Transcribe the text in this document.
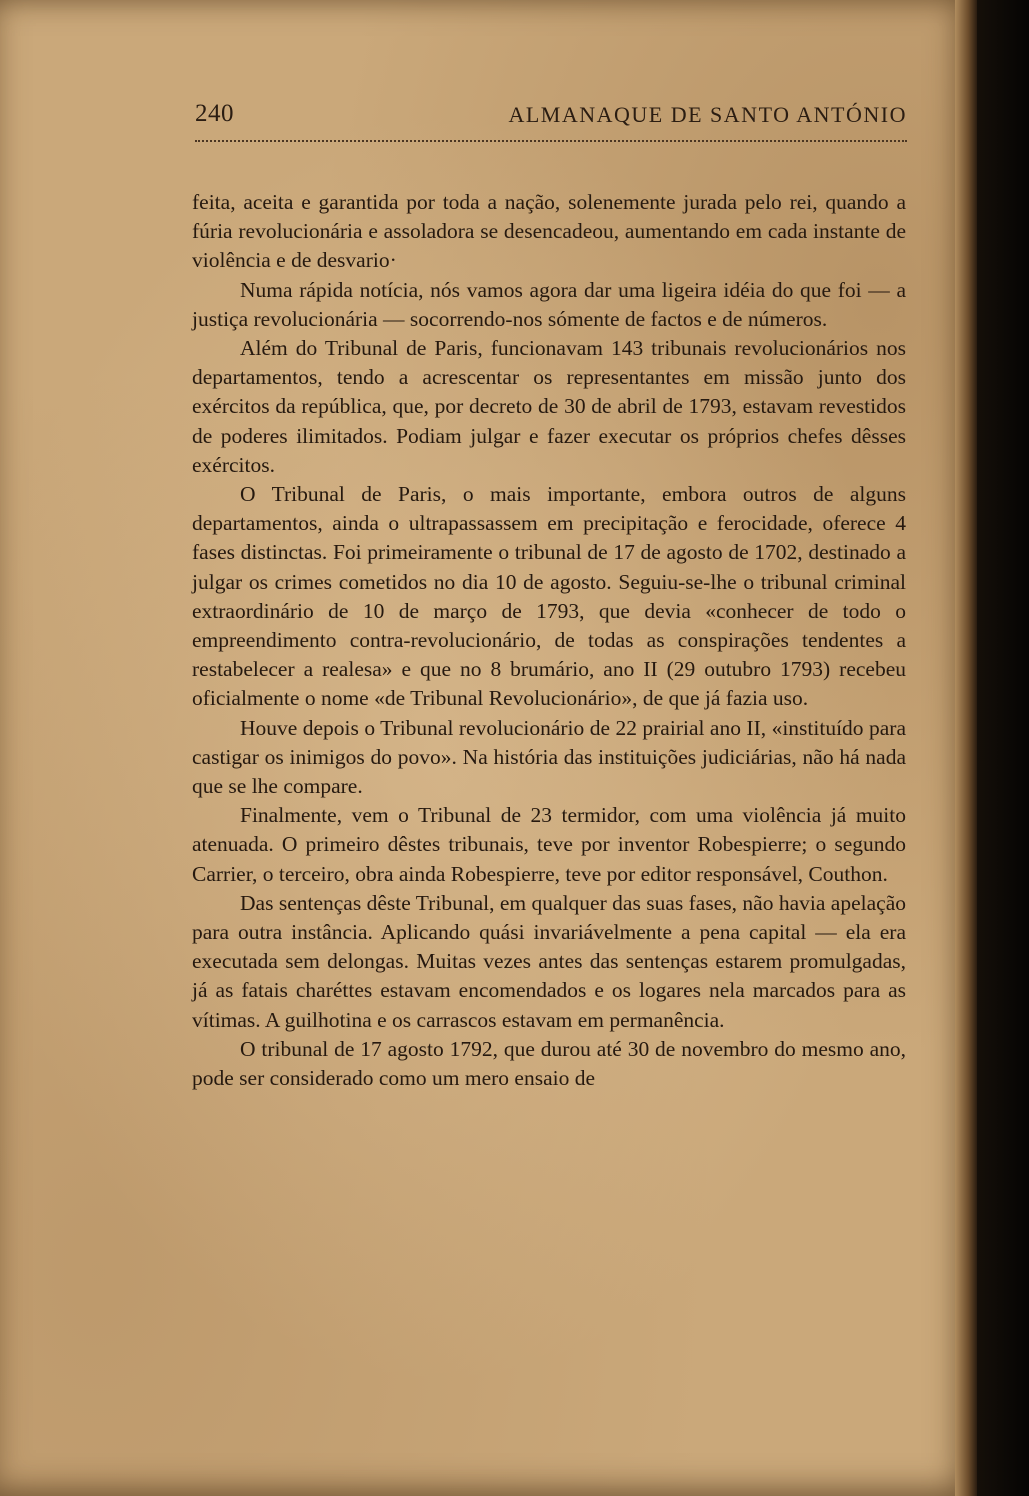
240	ALMANAQUE DE SANTO ANTÓNIO

feita, aceita e garantida por toda a nação, solenemente jurada pelo rei, quando a fúria revolucionária e assoladora se desencadeou, aumentando em cada instante de violência e de desvario·

Numa rápida notícia, nós vamos agora dar uma ligeira idéia do que foi — a justiça revolucionária — socorrendo-nos sómente de factos e de números.

Além do Tribunal de Paris, funcionavam 143 tribunais revolucionários nos departamentos, tendo a acrescentar os representantes em missão junto dos exércitos da república, que, por decreto de 30 de abril de 1793, estavam revestidos de poderes ilimitados. Podiam julgar e fazer executar os próprios chefes dêsses exércitos.

O Tribunal de Paris, o mais importante, embora outros de alguns departamentos, ainda o ultrapassassem em precipitação e ferocidade, oferece 4 fases distinctas. Foi primeiramente o tribunal de 17 de agosto de 1702, destinado a julgar os crimes cometidos no dia 10 de agosto. Seguiu-se-lhe o tribunal criminal extraordinário de 10 de março de 1793, que devia «conhecer de todo o empreendimento contra-revolucionário, de todas as conspirações tendentes a restabelecer a realesa» e que no 8 brumário, ano II (29 outubro 1793) recebeu oficialmente o nome «de Tribunal Revolucionário», de que já fazia uso.

Houve depois o Tribunal revolucionário de 22 prairial ano II, «instituído para castigar os inimigos do povo». Na história das instituições judiciárias, não há nada que se lhe compare.

Finalmente, vem o Tribunal de 23 termidor, com uma violência já muito atenuada. O primeiro dêstes tribunais, teve por inventor Robespierre; o segundo Carrier, o terceiro, obra ainda Robespierre, teve por editor responsável, Couthon.

Das sentenças dêste Tribunal, em qualquer das suas fases, não havia apelação para outra instância. Aplicando quási invariávelmente a pena capital — ela era executada sem delongas. Muitas vezes antes das sentenças estarem promulgadas, já as fatais charéttes estavam encomendados e os logares nela marcados para as vítimas. A guilhotina e os carrascos estavam em permanência.

O tribunal de 17 agosto 1792, que durou até 30 de novembro do mesmo ano, pode ser considerado como um mero ensaio de
